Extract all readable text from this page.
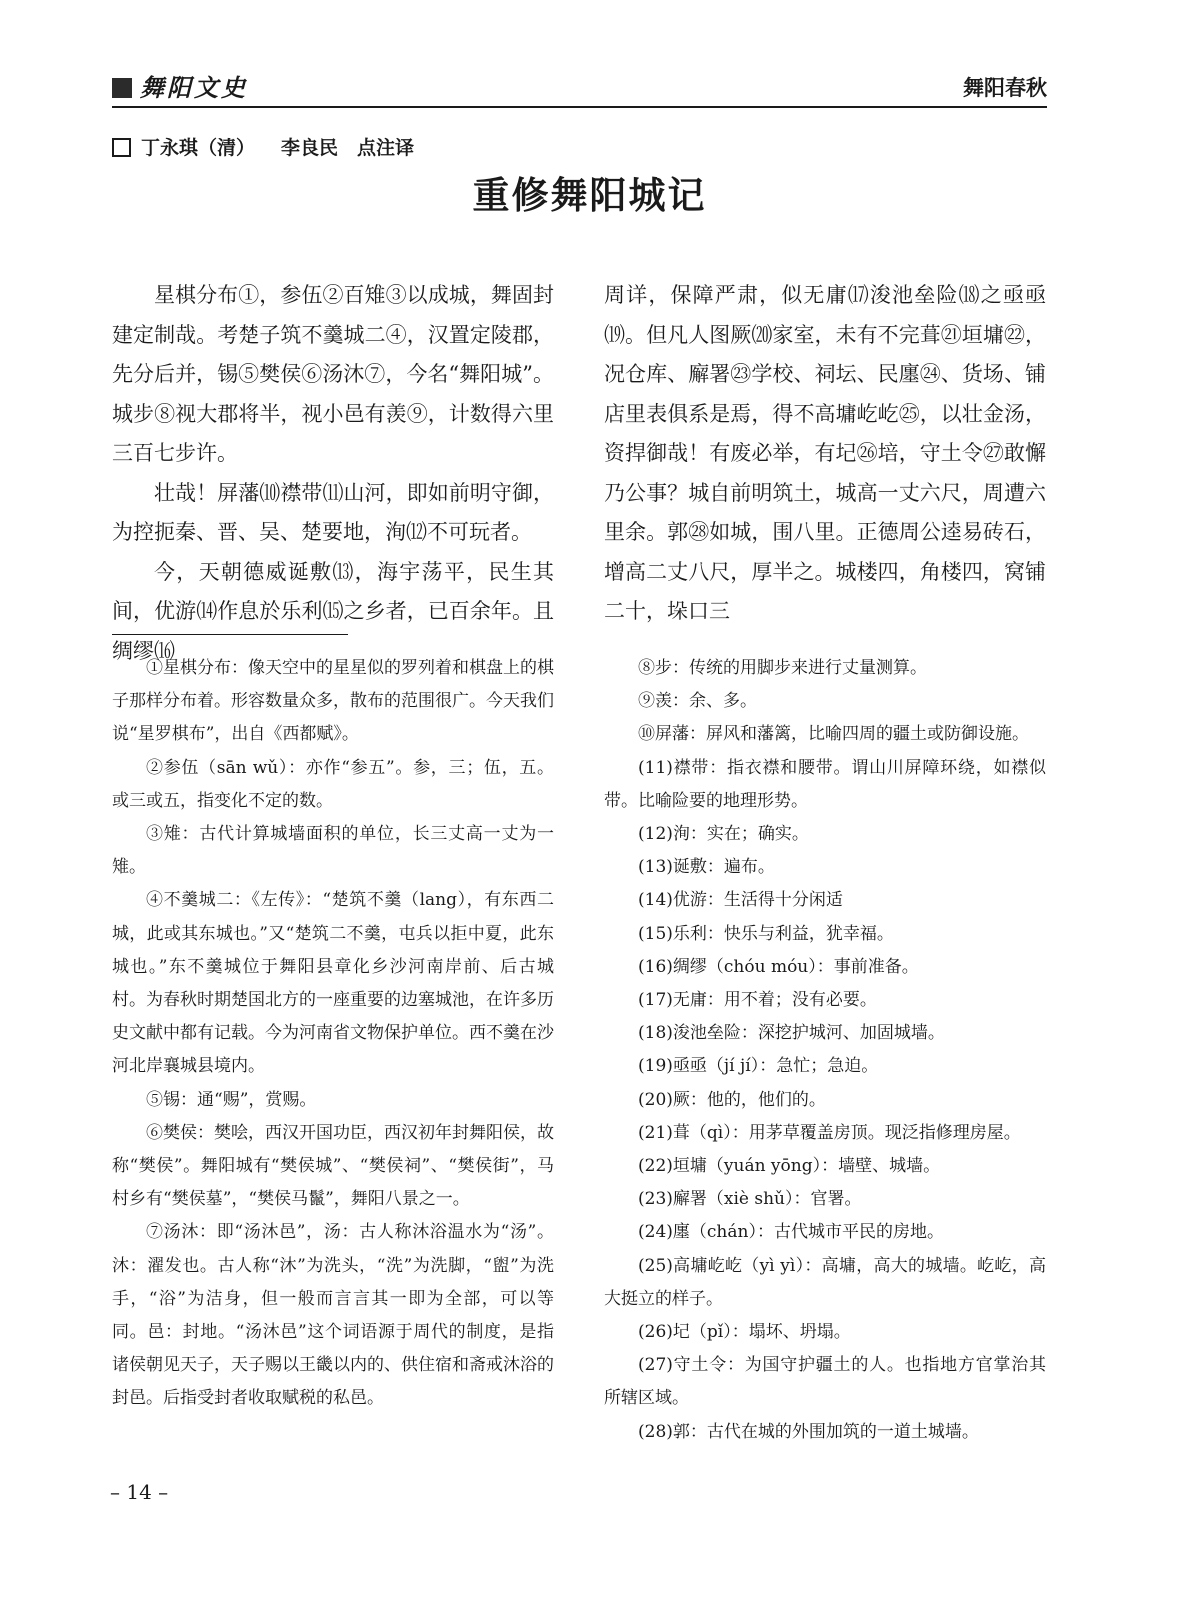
舞阳文史	舞阳春秋
丁永琪（清） 李良民　点注译
重修舞阳城记

星棋分布①，参伍②百雉③以成城，舞固封建定制哉。考楚子筑不羹城二④，汉置定陵郡，先分后并，锡⑤樊侯⑥汤沐⑦，今名“舞阳城”。城步⑧视大郡将半，视小邑有羡⑨，计数得六里三百七步许。

壮哉！屏藩⑽襟带⑾山河，即如前明守御，为控扼秦、晋、吴、楚要地，洵⑿不可玩者。

今，天朝德威诞敷⒀，海宇荡平，民生其间，优游⒁作息於乐利⒂之乡者，已百余年。且绸缪⒃

周详，保障严肃，似无庸⒄浚池垒险⒅之亟亟⒆。但凡人图厥⒇家室，未有不完葺㉑垣墉㉒，况仓库、廨署㉓学校、祠坛、民廛㉔、货场、铺店里表俱系是焉，得不高墉屹屹㉕，以壮金汤，资捍御哉！有废必举，有圮㉖培，守土令㉗敢懈乃公事？城自前明筑土，城高一丈六尺，周遭六里余。郭㉘如城，围八里。正德周公逵易砖石，增高二丈八尺，厚半之。城楼四，角楼四，窝铺二十，垛口三

①星棋分布：像天空中的星星似的罗列着和棋盘上的棋子那样分布着。形容数量众多，散布的范围很广。今天我们说“星罗棋布”，出自《西都赋》。

②参伍（sān wǔ）：亦作“参五”。参，三；伍，五。或三或五，指变化不定的数。

③雉：古代计算城墙面积的单位，长三丈高一丈为一雉。

④不羹城二：《左传》：“楚筑不羹（lang），有东西二城，此或其东城也。”又“楚筑二不羹，屯兵以拒中夏，此东城也。”东不羹城位于舞阳县章化乡沙河南岸前、后古城村。为春秋时期楚国北方的一座重要的边塞城池，在许多历史文献中都有记载。今为河南省文物保护单位。西不羹在沙河北岸襄城县境内。

⑤锡：通“赐”，赏赐。

⑥樊侯：樊哙，西汉开国功臣，西汉初年封舞阳侯，故称“樊侯”。舞阳城有“樊侯城”、“樊侯祠”、“樊侯街”，马村乡有“樊侯墓”，“樊侯马鬣”，舞阳八景之一。

⑦汤沐：即“汤沐邑”，汤：古人称沐浴温水为“汤”。沐：濯发也。古人称“沐”为洗头，“洗”为洗脚，“盥”为洗手，“浴”为洁身，但一般而言言其一即为全部，可以等同。邑：封地。“汤沐邑”这个词语源于周代的制度，是指诸侯朝见天子，天子赐以王畿以内的、供住宿和斋戒沐浴的封邑。后指受封者收取赋税的私邑。

⑧步：传统的用脚步来进行丈量测算。

⑨羡：余、多。

⑩屏藩：屏风和藩篱，比喻四周的疆土或防御设施。

(11)襟带：指衣襟和腰带。谓山川屏障环绕，如襟似带。比喻险要的地理形势。

(12)洵：实在；确实。

(13)诞敷：遍布。

(14)优游：生活得十分闲适

(15)乐利：快乐与利益，犹幸福。

(16)绸缪（chóu móu）：事前准备。

(17)无庸：用不着；没有必要。

(18)浚池垒险：深挖护城河、加固城墙。

(19)亟亟（jí jí）：急忙；急迫。

(20)厥：他的，他们的。

(21)葺（qì）：用茅草覆盖房顶。现泛指修理房屋。

(22)垣墉（yuán yōng）：墙壁、城墙。

(23)廨署（xiè shǔ）：官署。

(24)廛（chán）：古代城市平民的房地。

(25)高墉屹屹（yì yì）：高墉，高大的城墙。屹屹，高大挺立的样子。

(26)圮（pǐ）：塌坏、坍塌。

(27)守土令：为国守护疆土的人。也指地方官掌治其所辖区域。

(28)郭：古代在城的外围加筑的一道土城墙。

– 14 –
